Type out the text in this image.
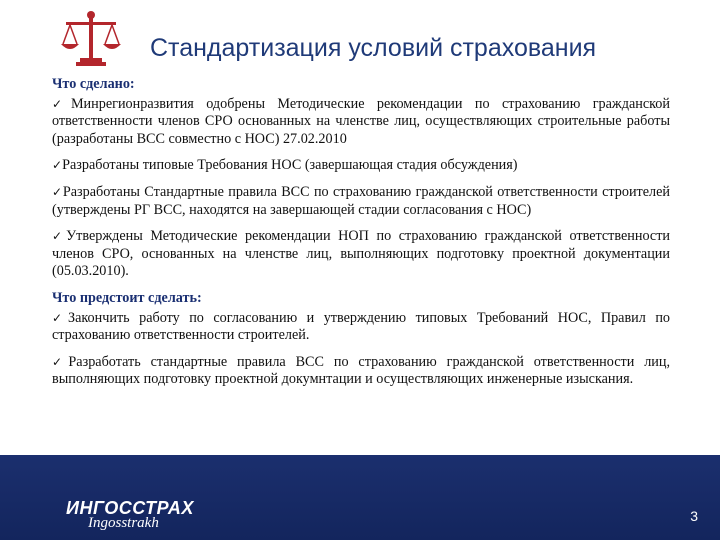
Стандартизация условий страхования
Что сделано:
✓Минрегионразвития одобрены Методические рекомендации по страхованию гражданской ответственности членов СРО основанных на членстве лиц, осуществляющих строительные работы (разработаны ВСС совместно с НОС) 27.02.2010
✓Разработаны типовые Требования НОС (завершающая стадия обсуждения)
✓Разработаны Стандартные правила ВСС по страхованию гражданской ответственности строителей (утверждены РГ ВСС, находятся на завершающей стадии согласования с НОС)
✓Утверждены Методические рекомендации НОП по страхованию гражданской ответственности членов СРО, основанных на членстве лиц, выполняющих подготовку проектной документации (05.03.2010).
Что предстоит сделать:
✓Закончить работу по согласованию и утверждению типовых Требований НОС, Правил по страхованию ответственности строителей.
✓Разработать стандартные правила ВСС по страхованию гражданской ответственности лиц, выполняющих подготовку проектной докумнтации и осуществляющих инженерные изыскания.
ИНГОССТРАХ
Ingosstrakh	3
